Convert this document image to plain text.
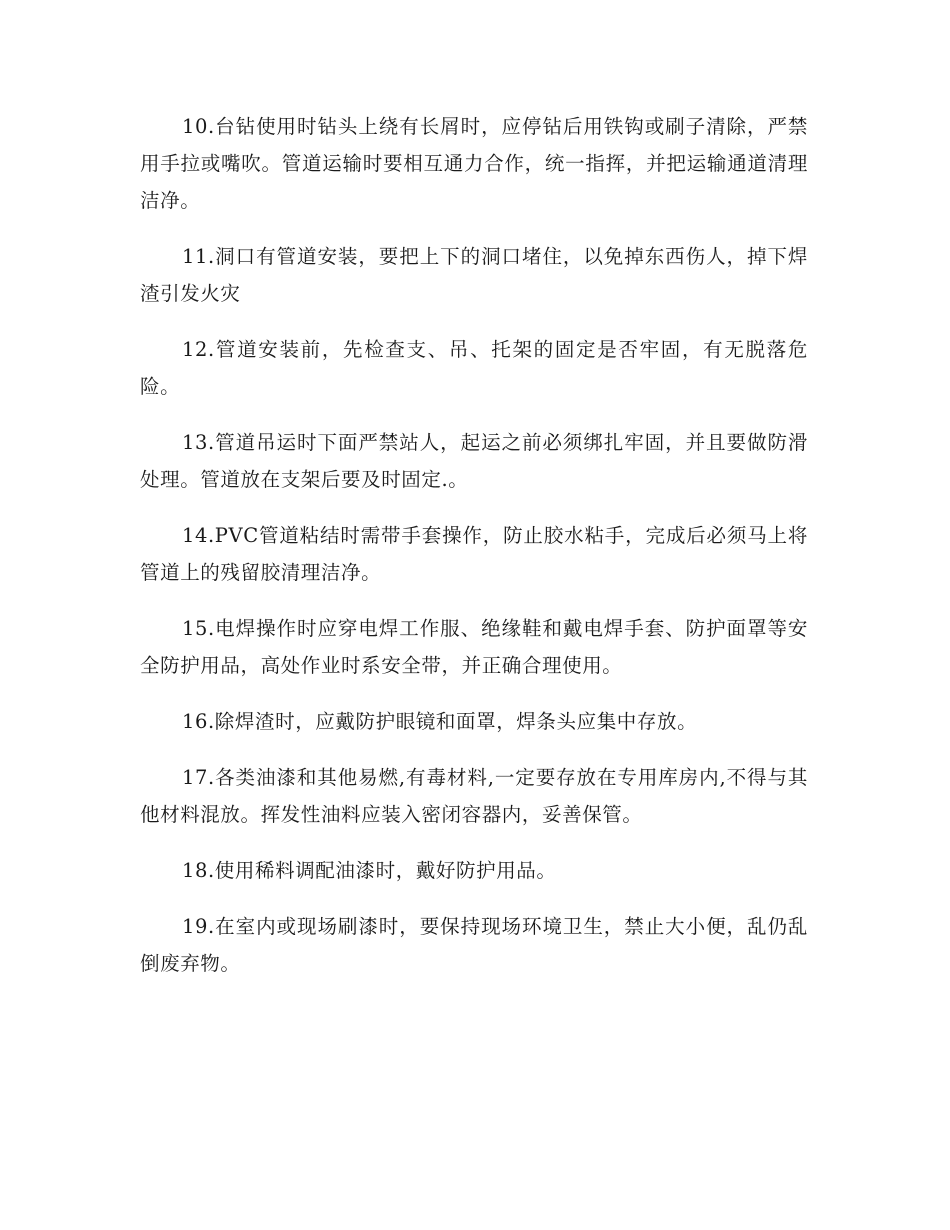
10.台钻使用时钻头上绕有长屑时，应停钻后用铁钩或刷子清除，严禁用手拉或嘴吹。管道运输时要相互通力合作，统一指挥，并把运输通道清理洁净。

11.洞口有管道安装，要把上下的洞口堵住，以免掉东西伤人，掉下焊渣引发火灾

12.管道安装前，先检查支、吊、托架的固定是否牢固，有无脱落危险。

13.管道吊运时下面严禁站人，起运之前必须绑扎牢固，并且要做防滑处理。管道放在支架后要及时固定.。

14.PVC管道粘结时需带手套操作，防止胶水粘手，完成后必须马上将管道上的残留胶清理洁净。

15.电焊操作时应穿电焊工作服、绝缘鞋和戴电焊手套、防护面罩等安全防护用品，高处作业时系安全带，并正确合理使用。

16.除焊渣时，应戴防护眼镜和面罩，焊条头应集中存放。

17.各类油漆和其他易燃,有毒材料,一定要存放在专用库房内,不得与其他材料混放。挥发性油料应装入密闭容器内，妥善保管。

18.使用稀料调配油漆时，戴好防护用品。

19.在室内或现场刷漆时，要保持现场环境卫生，禁止大小便，乱仍乱倒废弃物。
